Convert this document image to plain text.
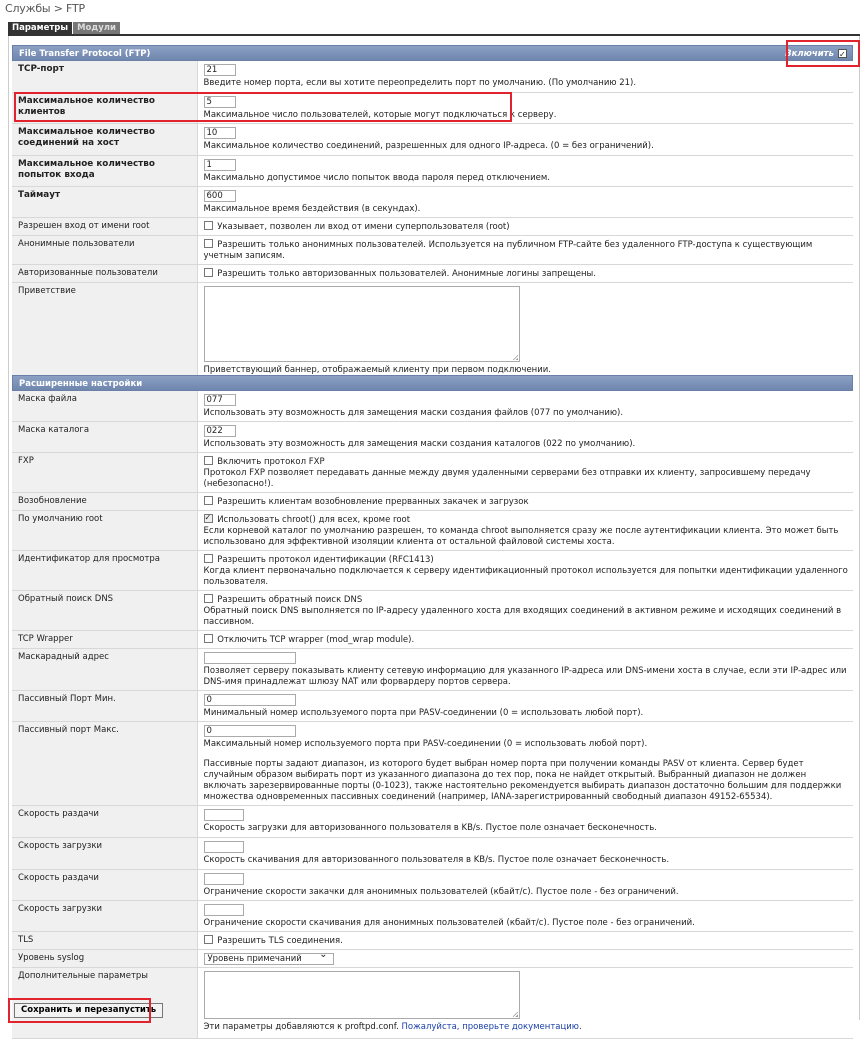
Службы > FTP
Параметры	Модули
File Transfer Protocol (FTP)	Включить
✓
TCP-порт	21
Введите номер порта, если вы хотите переопределить порт по умолчанию. (По умолчанию 21).

Максимальное количество клиентов	5
Максимальное число пользователей, которые могут подключаться к серверу.

Максимальное количество соединений на хост	10
Максимальное количество соединений, разрешенных для одного IP-адреса. (0 = без ограничений).

Максимальное количество попыток входа	1
Максимально допустимое число попыток ввода пароля перед отключением.

Таймаут	600
Максимальное время бездействия (в секундах).

Разрешен вход от имени root	Указывает, позволен ли вход от имени суперпользователя (root)
Анонимные пользователи	Разрешить только анонимных пользователей. Используется на публичном FTP-сайте без удаленного FTP-доступа к существующим учетным записям.
Авторизованные пользователи	Разрешить только авторизованных пользователей. Анонимные логины запрещены.
Приветствие	Приветствующий баннер, отображаемый клиенту при первом подключении.
Расширенные настройки
Маска файла	077
Использовать эту возможность для замещения маски создания файлов (077 по умолчанию).

Маска каталога	022
Использовать эту возможность для замещения маски создания каталогов (022 по умолчанию).

FXP	Включить протокол FXP
Протокол FXP позволяет передавать данные между двумя удаленными серверами без отправки их клиенту, запросившему передачу (небезопасно!).

Возобновление	Разрешить клиентам возобновление прерванных закачек и загрузок
По умолчанию root	✓Использовать chroot() для всех, кроме root
Если корневой каталог по умолчанию разрешен, то команда chroot выполняется сразу же после аутентификации клиента. Это может быть использовано для эффективной изоляции клиента от остальной файловой системы хоста.

Идентификатор для просмотра	Разрешить протокол идентификации (RFC1413)
Когда клиент первоначально подключается к серверу идентификационный протокол используется для попытки идентификации удаленного пользователя.

Обратный поиск DNS	Разрешить обратный поиск DNS
Обратный поиск DNS выполняется по IP-адресу удаленного хоста для входящих соединений в активном режиме и исходящих соединений в пассивном.

TCP Wrapper	Отключить TCP wrapper (mod_wrap module).
Маскарадный адрес	Позволяет серверу показывать клиенту сетевую информацию для указанного IP-адреса или DNS-имени хоста в случае, если эти IP-адрес или DNS-имя принадлежат шлюзу NAT или форвардеру портов сервера.

Пассивный Порт Мин.	0
Минимальный номер используемого порта при PASV-соединении (0 = использовать любой порт).

Пассивный порт Макс.	0
Максимальный номер используемого порта при PASV-соединении (0 = использовать любой порт).
Пассивные порты задают диапазон, из которого будет выбран номер порта при получении команды PASV от клиента. Сервер будет случайным образом выбирать порт из указанного диапазона до тех пор, пока не найдет открытый. Выбранный диапазон не должен включать зарезервированные порты (0-1023), также настоятельно рекомендуется выбирать диапазон достаточно большим для поддержки множества одновременных пассивных соединений (например, IANA-зарегистрированный свободный диапазон 49152-65534).

Скорость раздачи	Скорость загрузки для авторизованного пользователя в KB/s. Пустое поле означает бесконечность.

Скорость загрузки	Скорость скачивания для авторизованного пользователя в KB/s. Пустое поле означает бесконечность.

Скорость раздачи	Ограничение скорости закачки для анонимных пользователей (кбайт/с). Пустое поле - без ограничений.

Скорость загрузки	Ограничение скорости скачивания для анонимных пользователей (кбайт/с). Пустое поле - без ограничений.

TLS	Разрешить TLS соединения.
Уровень syslog	Уровень примечаний ⌄

Дополнительные параметры	Эти параметры добавляются к proftpd.conf. Пожалуйста, проверьте документацию.
Сохранить и перезапустить
